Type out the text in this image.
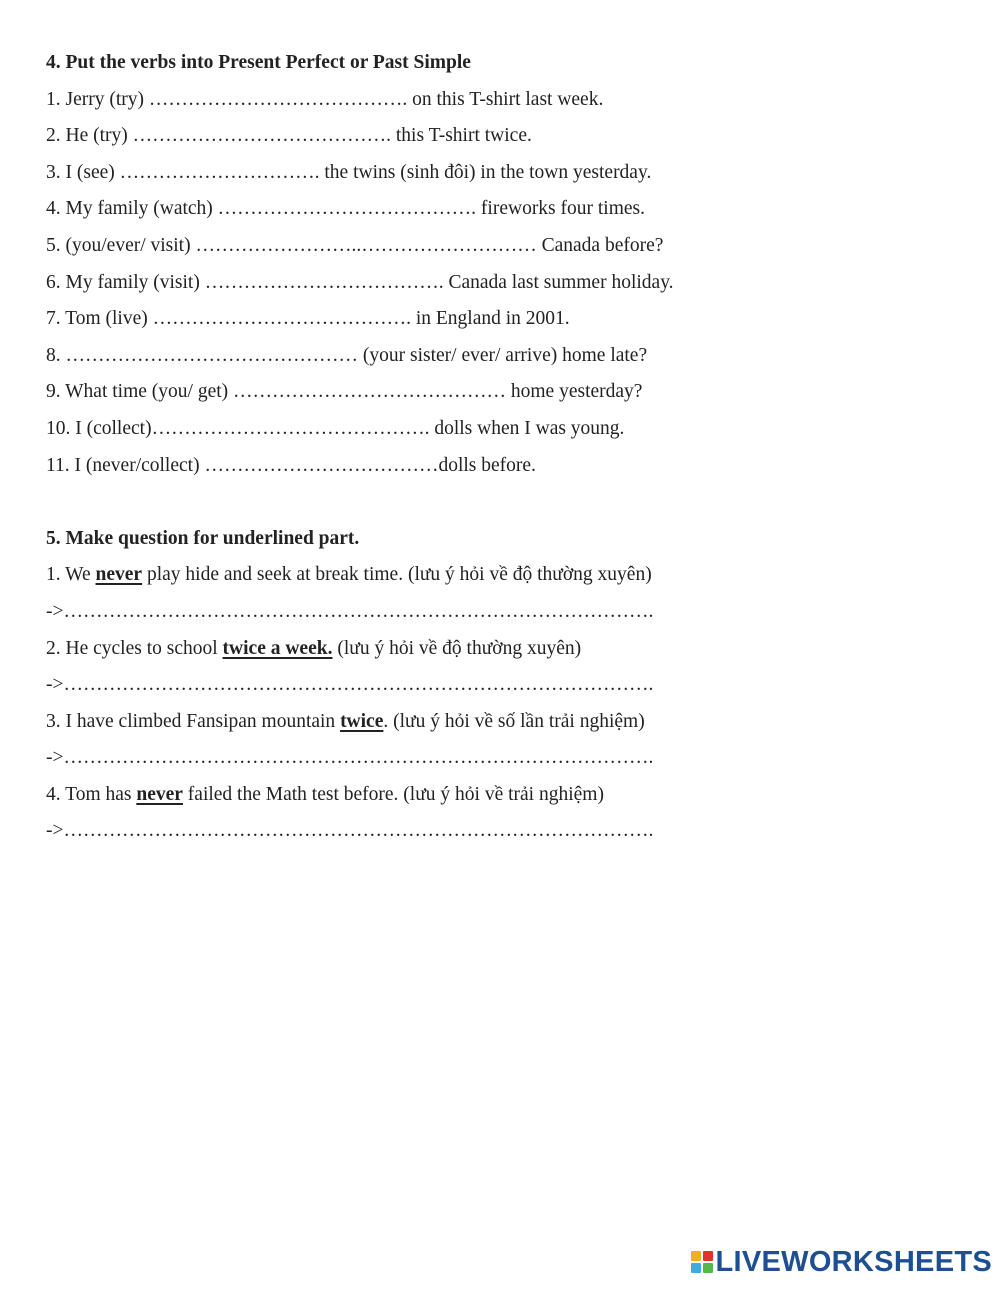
4. Put the verbs into Present Perfect or Past Simple
1. Jerry (try) …………………………………. on this T-shirt last week.
2. He (try) …………………………………. this T-shirt twice.
3. I (see) …………………………. the twins (sinh đôi) in the town yesterday.
4. My family (watch) …………………………………. fireworks four times.
5. (you/ever/ visit) ……………………..……………………… Canada before?
6. My family (visit) ………………………………. Canada last summer holiday.
7. Tom (live) …………………………………. in England in 2001.
8. ……………………………………… (your sister/ ever/ arrive) home late?
9. What time (you/ get) …………………………………… home yesterday?
10. I (collect)……………………………………. dolls when I was young.
11. I (never/collect) ………………………………dolls before.
5. Make question for underlined part.
1. We never play hide and seek at break time. (lưu ý hỏi về độ thường xuyên)
->……………………………………………………………………………….
2. He cycles to school twice a week. (lưu ý hỏi về độ thường xuyên)
->……………………………………………………………………………….
3. I have climbed Fansipan mountain twice. (lưu ý hỏi về số lần trải nghiệm)
->……………………………………………………………………………….
4. Tom has never failed the Math test before. (lưu ý hỏi về trải nghiệm)
->……………………………………………………………………………….
LIVEWORKSHEETS
